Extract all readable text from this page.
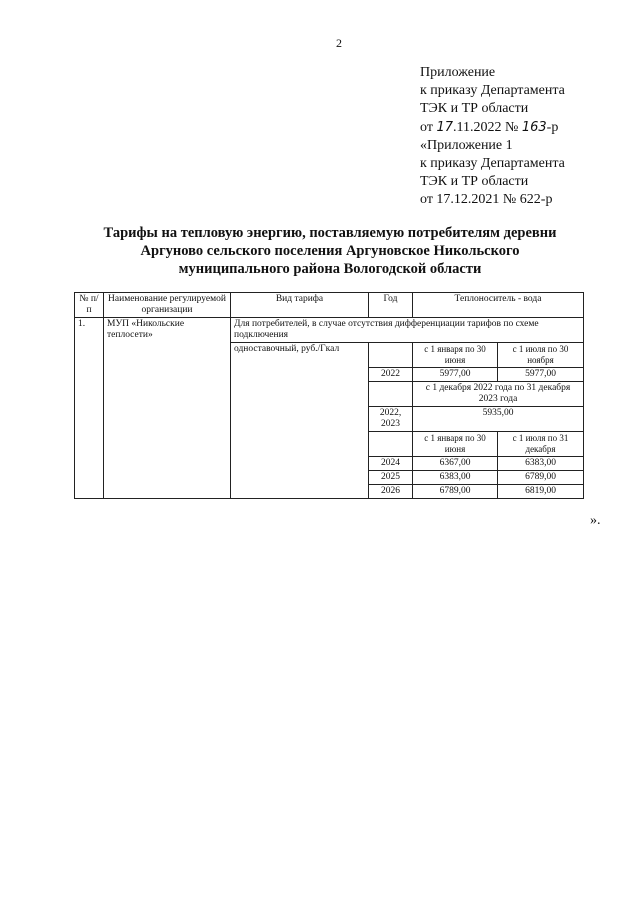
2
Приложение
к приказу Департамента
ТЭК и ТР области
от 17.11.2022 № 163-р
«Приложение 1
к приказу Департамента
ТЭК и ТР области
от 17.12.2021 № 622-р
Тарифы на тепловую энергию, поставляемую потребителям деревни
Аргуново сельского поселения Аргуновское Никольского
муниципального района Вологодской области
№ п/п	Наименование регулируемой организации	Вид тарифа	Год	Теплоноситель - вода	
1.	МУП «Никольские теплосети»	Для потребителей, в случае отсутствия дифференциации тарифов по схеме подключения			
		одноставочный, руб./Гкал		с 1 января по 30 июня	с 1 июля по 30 ноября
			2022	5977,00	5977,00
				с 1 декабря 2022 года по 31 декабря 2023 года	
			2022, 2023	5935,00	
				с 1 января по 30 июня	с 1 июля по 31 декабря
			2024	6367,00	6383,00
			2025	6383,00	6789,00
			2026	6789,00	6819,00
».
